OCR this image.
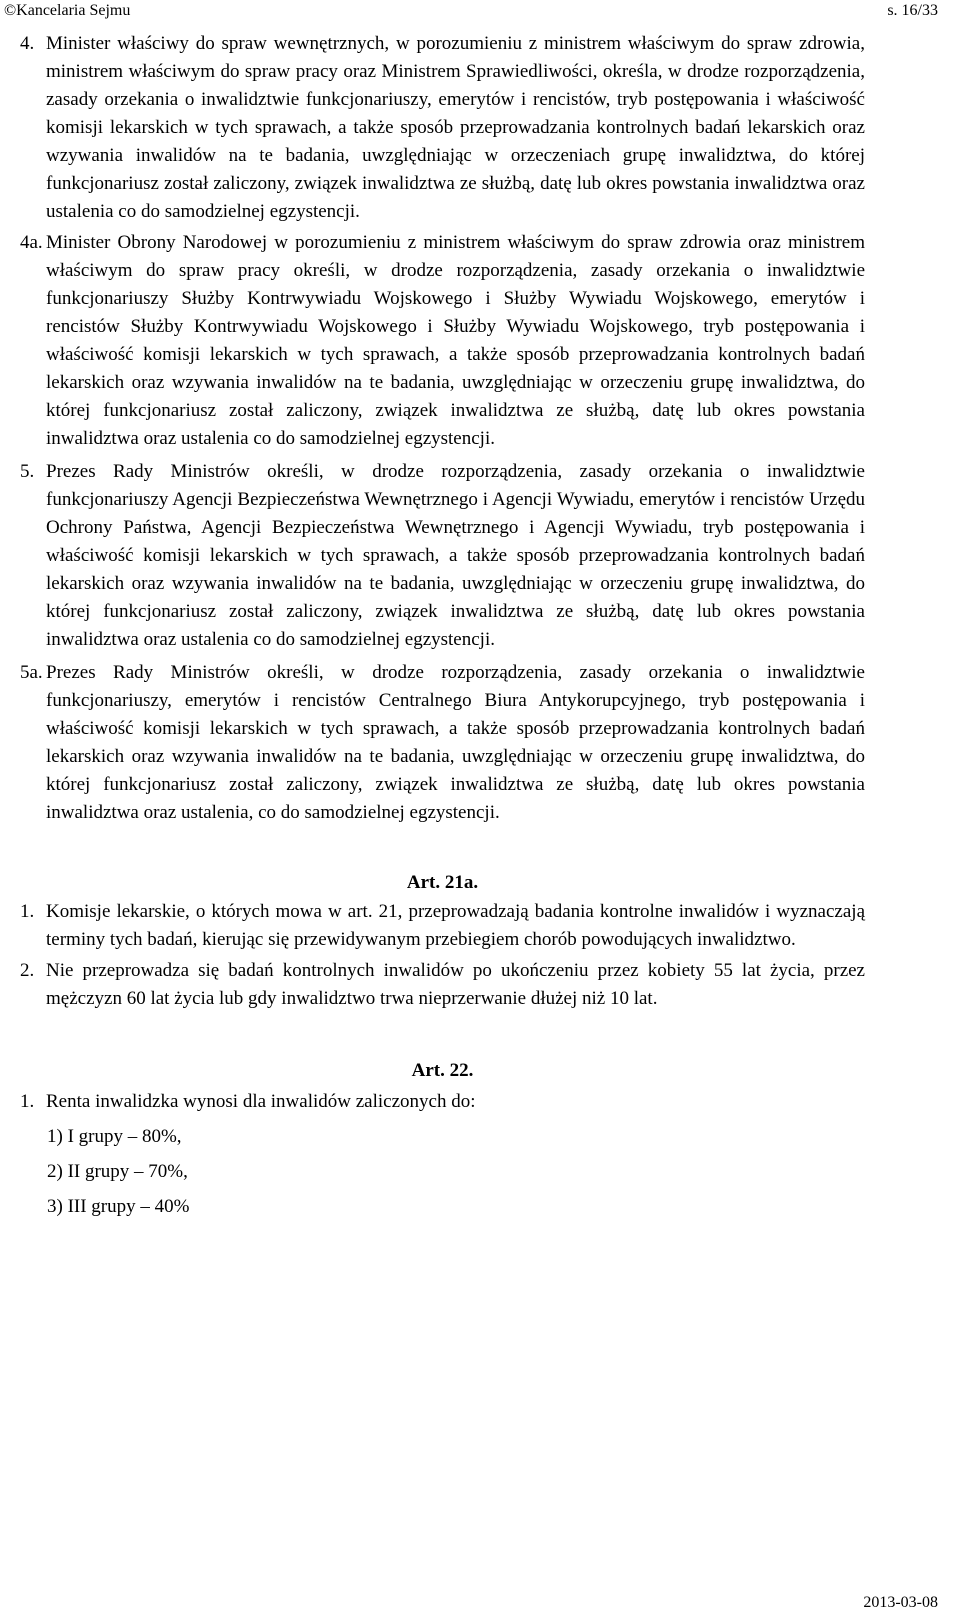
©Kancelaria Sejmu	s. 16/33
4. Minister właściwy do spraw wewnętrznych, w porozumieniu z ministrem właściwym do spraw zdrowia, ministrem właściwym do spraw pracy oraz Ministrem Sprawiedliwości, określa, w drodze rozporządzenia, zasady orzekania o inwalidztwie funkcjonariuszy, emerytów i rencistów, tryb postępowania i właściwość komisji lekarskich w tych sprawach, a także sposób przeprowadzania kontrolnych badań lekarskich oraz wzywania inwalidów na te badania, uwzględniając w orzeczeniach grupę inwalidztwa, do której funkcjonariusz został zaliczony, związek inwalidztwa ze służbą, datę lub okres powstania inwalidztwa oraz ustalenia co do samodzielnej egzystencji.
4a. Minister Obrony Narodowej w porozumieniu z ministrem właściwym do spraw zdrowia oraz ministrem właściwym do spraw pracy określi, w drodze rozporządzenia, zasady orzekania o inwalidztwie funkcjonariuszy Służby Kontrwywiadu Wojskowego i Służby Wywiadu Wojskowego, emerytów i rencistów Służby Kontrwywiadu Wojskowego i Służby Wywiadu Wojskowego, tryb postępowania i właściwość komisji lekarskich w tych sprawach, a także sposób przeprowadzania kontrolnych badań lekarskich oraz wzywania inwalidów na te badania, uwzględniając w orzeczeniu grupę inwalidztwa, do której funkcjonariusz został zaliczony, związek inwalidztwa ze służbą, datę lub okres powstania inwalidztwa oraz ustalenia co do samodzielnej egzystencji.
5. Prezes Rady Ministrów określi, w drodze rozporządzenia, zasady orzekania o inwalidztwie funkcjonariuszy Agencji Bezpieczeństwa Wewnętrznego i Agencji Wywiadu, emerytów i rencistów Urzędu Ochrony Państwa, Agencji Bezpieczeństwa Wewnętrznego i Agencji Wywiadu, tryb postępowania i właściwość komisji lekarskich w tych sprawach, a także sposób przeprowadzania kontrolnych badań lekarskich oraz wzywania inwalidów na te badania, uwzględniając w orzeczeniu grupę inwalidztwa, do której funkcjonariusz został zaliczony, związek inwalidztwa ze służbą, datę lub okres powstania inwalidztwa oraz ustalenia co do samodzielnej egzystencji.
5a. Prezes Rady Ministrów określi, w drodze rozporządzenia, zasady orzekania o inwalidztwie funkcjonariuszy, emerytów i rencistów Centralnego Biura Antykorupcyjnego, tryb postępowania i właściwość komisji lekarskich w tych sprawach, a także sposób przeprowadzania kontrolnych badań lekarskich oraz wzywania inwalidów na te badania, uwzględniając w orzeczeniu grupę inwalidztwa, do której funkcjonariusz został zaliczony, związek inwalidztwa ze służbą, datę lub okres powstania inwalidztwa oraz ustalenia, co do samodzielnej egzystencji.
Art. 21a.
1. Komisje lekarskie, o których mowa w art. 21, przeprowadzają badania kontrolne inwalidów i wyznaczają terminy tych badań, kierując się przewidywanym przebiegiem chorób powodujących inwalidztwo.
2. Nie przeprowadza się badań kontrolnych inwalidów po ukończeniu przez kobiety 55 lat życia, przez mężczyzn 60 lat życia lub gdy inwalidztwo trwa nieprzerwanie dłużej niż 10 lat.
Art. 22.
1. Renta inwalidzka wynosi dla inwalidów zaliczonych do:
1) I grupy – 80%,
2) II grupy – 70%,
3) III grupy – 40%
2013-03-08
